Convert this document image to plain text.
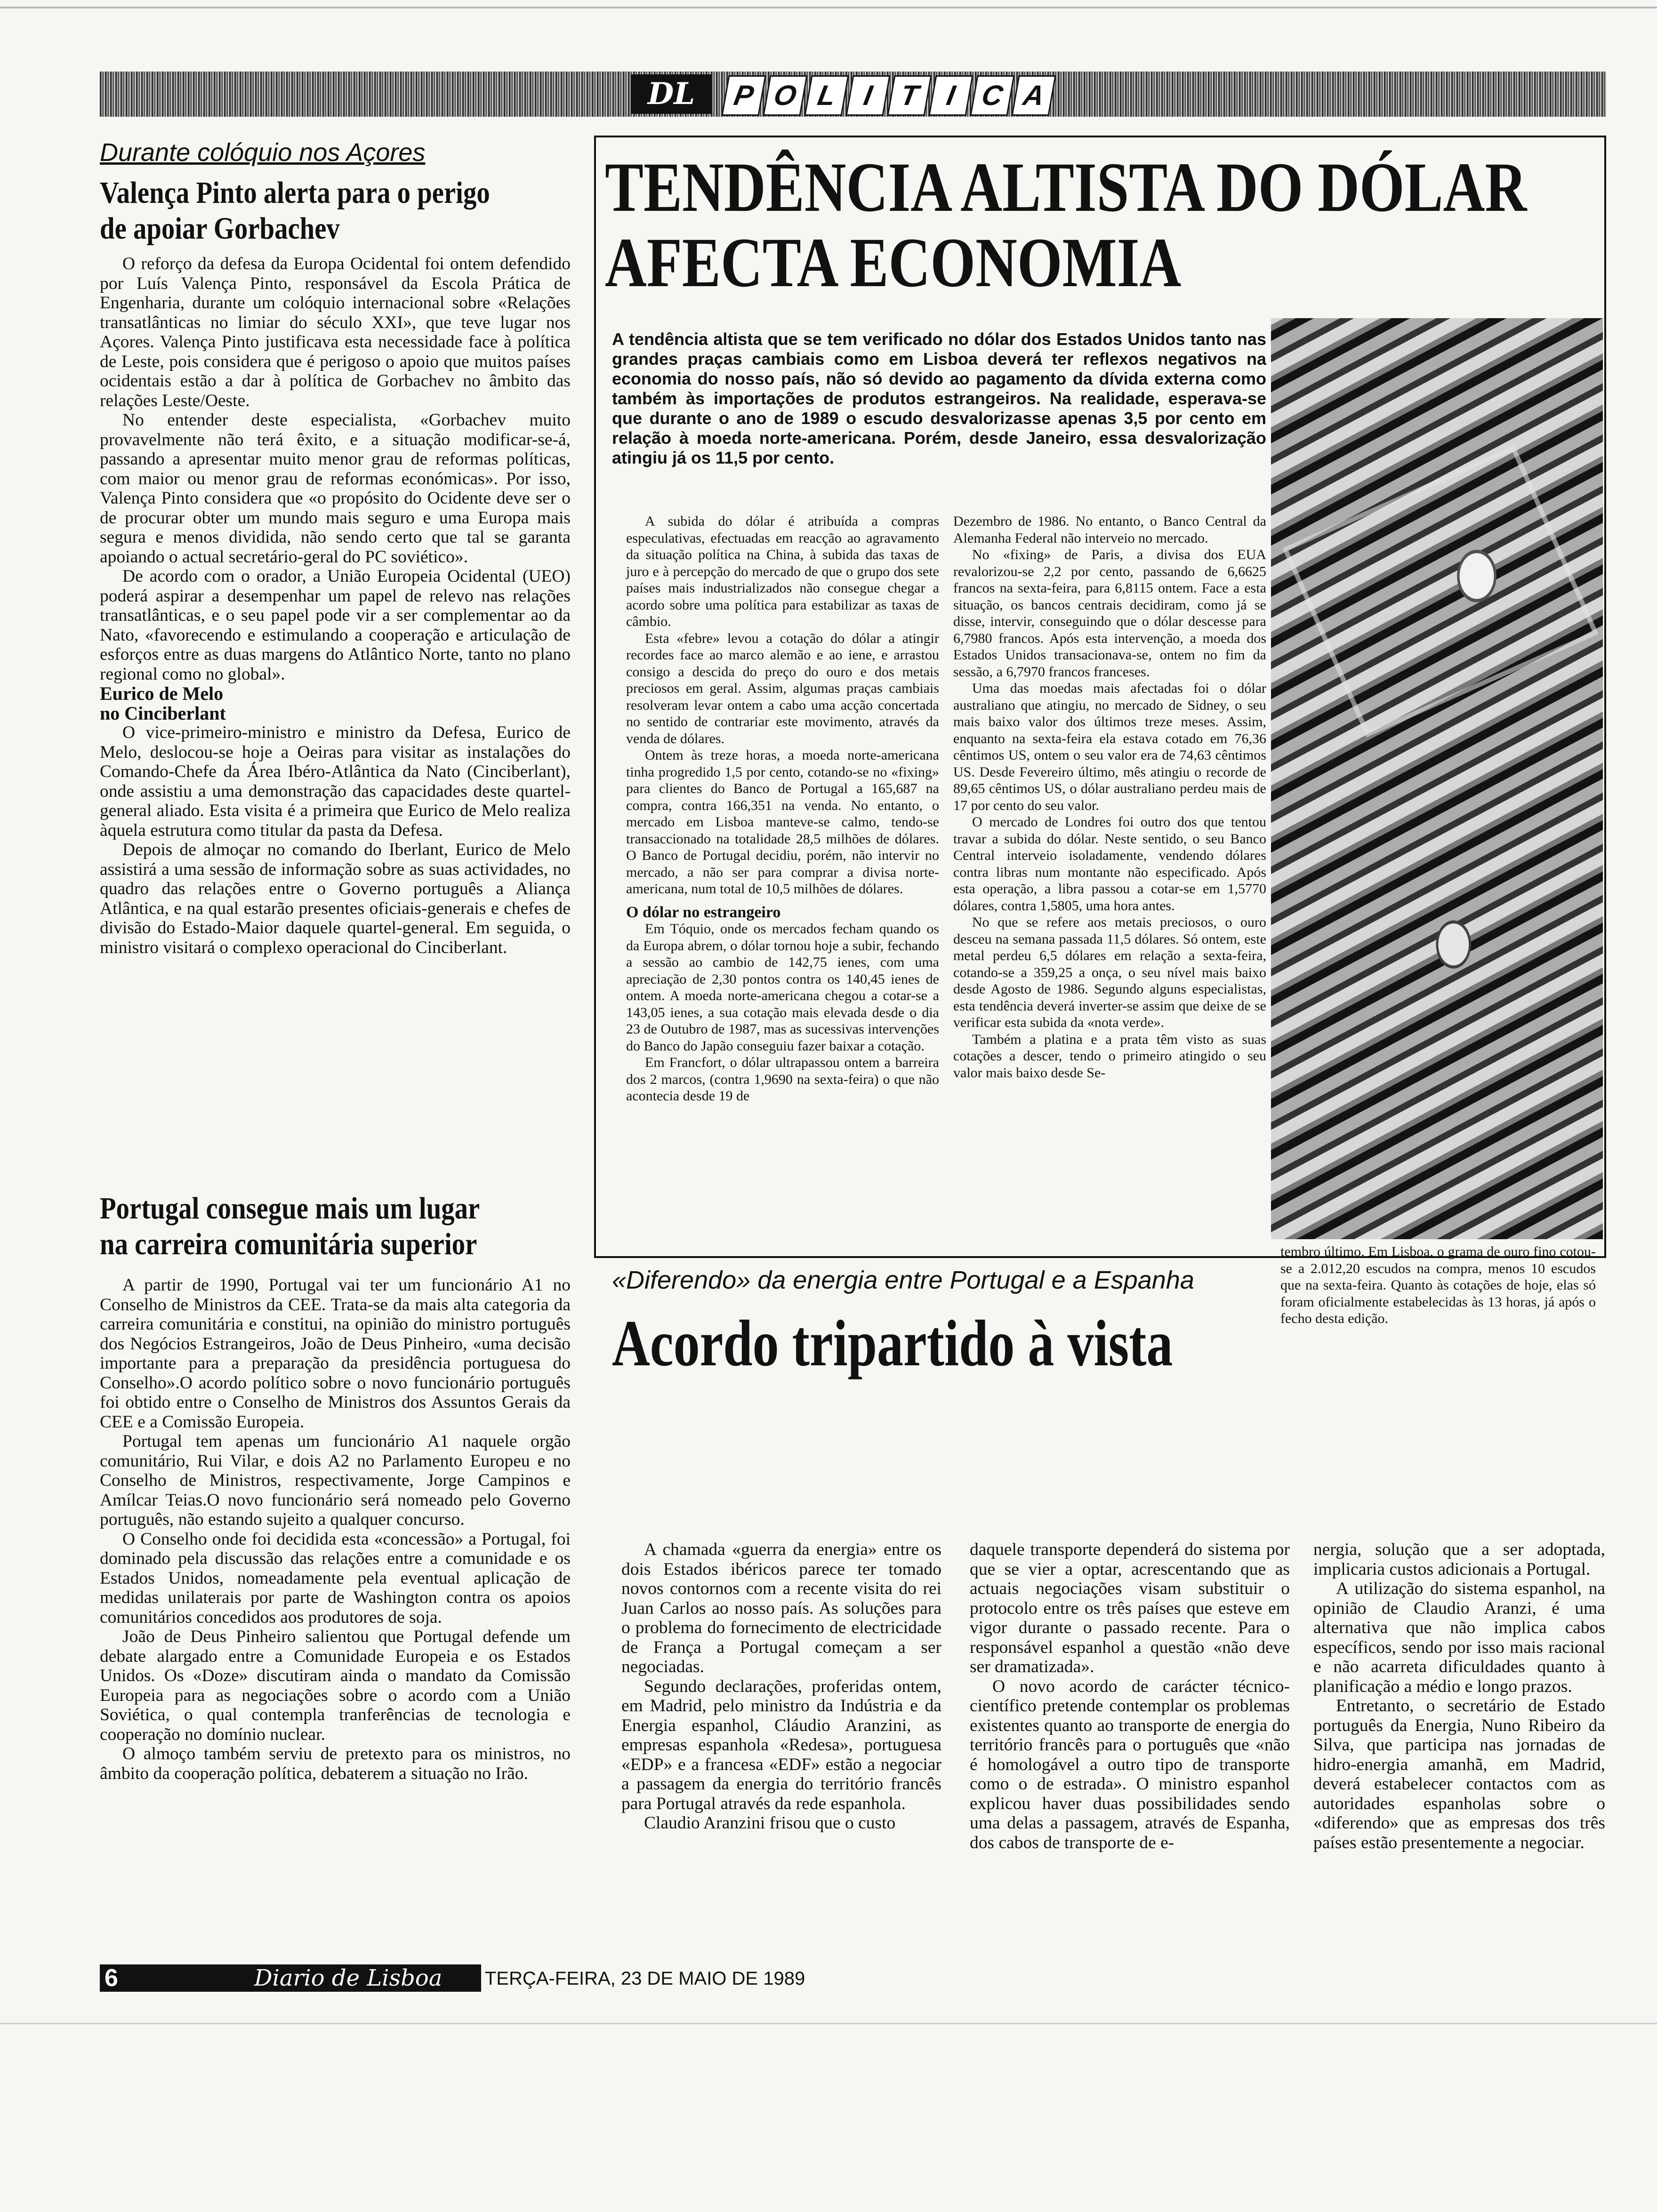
DL	P O L I T I C A
Durante colóquio nos Açores
Valença Pinto alerta para o perigo
de apoiar Gorbachev

O reforço da defesa da Europa Ocidental foi ontem defendido por Luís Valença Pinto, responsável da Escola Prática de Engenharia, durante um colóquio internacional sobre «Relações transatlânticas no limiar do século XXI», que teve lugar nos Açores. Valença Pinto justificava esta necessidade face à política de Leste, pois considera que é perigoso o apoio que muitos países ocidentais estão a dar à política de Gorbachev no âmbito das relações Leste/Oeste.

No entender deste especialista, «Gorbachev muito provavelmente não terá êxito, e a situação modificar-se-á, passando a apresentar muito menor grau de reformas políticas, com maior ou menor grau de reformas económicas». Por isso, Valença Pinto considera que «o propósito do Ocidente deve ser o de procurar obter um mundo mais seguro e uma Europa mais segura e menos dividida, não sendo certo que tal se garanta apoiando o actual secretário-geral do PC soviético».

De acordo com o orador, a União Europeia Ocidental (UEO) poderá aspirar a desempenhar um papel de relevo nas relações transatlânticas, e o seu papel pode vir a ser complementar ao da Nato, «favorecendo e estimulando a cooperação e articulação de esforços entre as duas margens do Atlântico Norte, tanto no plano regional como no global».

Eurico de Melo

no Cinciberlant

O vice-primeiro-ministro e ministro da Defesa, Eurico de Melo, deslocou-se hoje a Oeiras para visitar as instalações do Comando-Chefe da Área Ibéro-Atlântica da Nato (Cinciberlant), onde assistiu a uma demonstração das capacidades deste quartel-general aliado. Esta visita é a primeira que Eurico de Melo realiza àquela estrutura como titular da pasta da Defesa.

Depois de almoçar no comando do Iberlant, Eurico de Melo assistirá a uma sessão de informação sobre as suas actividades, no quadro das relações entre o Governo português a Aliança Atlântica, e na qual estarão presentes oficiais-generais e chefes de divisão do Estado-Maior daquele quartel-general. Em seguida, o ministro visitará o complexo operacional do Cinciberlant.

Portugal consegue mais um lugar
na carreira comunitária superior

A partir de 1990, Portugal vai ter um funcionário A1 no Conselho de Ministros da CEE. Trata-se da mais alta categoria da carreira comunitária e constitui, na opinião do ministro português dos Negócios Estrangeiros, João de Deus Pinheiro, «uma decisão importante para a preparação da presidência portuguesa do Conselho».O acordo político sobre o novo funcionário português foi obtido entre o Conselho de Ministros dos Assuntos Gerais da CEE e a Comissão Europeia.

Portugal tem apenas um funcionário A1 naquele orgão comunitário, Rui Vilar, e dois A2 no Parlamento Europeu e no Conselho de Ministros, respectivamente, Jorge Campinos e Amílcar Teias.O novo funcionário será nomeado pelo Governo português, não estando sujeito a qualquer concurso.

O Conselho onde foi decidida esta «concessão» a Portugal, foi dominado pela discussão das relações entre a comunidade e os Estados Unidos, nomeadamente pela eventual aplicação de medidas unilaterais por parte de Washington contra os apoios comunitários concedidos aos produtores de soja.

João de Deus Pinheiro salientou que Portugal defende um debate alargado entre a Comunidade Europeia e os Estados Unidos. Os «Doze» discutiram ainda o mandato da Comissão Europeia para as negociações sobre o acordo com a União Soviética, o qual contempla tranferências de tecnologia e cooperação no domínio nuclear.

O almoço também serviu de pretexto para os ministros, no âmbito da cooperação política, debaterem a situação no Irão.

TENDÊNCIA ALTISTA DO DÓLAR
AFECTA ECONOMIA
A tendência altista que se tem verificado no dólar dos Estados Unidos tanto nas grandes praças cambiais como em Lisboa deverá ter reflexos negativos na economia do nosso país, não só devido ao pagamento da dívida externa como também às importações de produtos estrangeiros. Na realidade, esperava-se que durante o ano de 1989 o escudo desvalorizasse apenas 3,5 por cento em relação à moeda norte-americana. Porém, desde Janeiro, essa desvalorização atingiu já os 11,5 por cento.

A subida do dólar é atribuída a compras especulativas, efectuadas em reacção ao agravamento da situação política na China, à subida das taxas de juro e à percepção do mercado de que o grupo dos sete países mais industrializados não consegue chegar a acordo sobre uma política para estabilizar as taxas de câmbio.

Esta «febre» levou a cotação do dólar a atingir recordes face ao marco alemão e ao iene, e arrastou consigo a descida do preço do ouro e dos metais preciosos em geral. Assim, algumas praças cambiais resolveram levar ontem a cabo uma acção concertada no sentido de contrariar este movimento, através da venda de dólares.

Ontem às treze horas, a moeda norte-americana tinha progredido 1,5 por cento, cotando-se no «fixing» para clientes do Banco de Portugal a 165,687 na compra, contra 166,351 na venda. No entanto, o mercado em Lisboa manteve-se calmo, tendo-se transaccionado na totalidade 28,5 milhões de dólares. O Banco de Portugal decidiu, porém, não intervir no mercado, a não ser para comprar a divisa norte-americana, num total de 10,5 milhões de dólares.

O dólar no estrangeiro

Em Tóquio, onde os mercados fecham quando os da Europa abrem, o dólar tornou hoje a subir, fechando a sessão ao cambio de 142,75 ienes, com uma apreciação de 2,30 pontos contra os 140,45 ienes de ontem. A moeda norte-americana chegou a cotar-se a 143,05 ienes, a sua cotação mais elevada desde o dia 23 de Outubro de 1987, mas as sucessivas intervenções do Banco do Japão conseguiu fazer baixar a cotação.

Em Francfort, o dólar ultrapassou ontem a barreira dos 2 marcos, (contra 1,9690 na sexta-feira) o que não acontecia desde 19 de

Dezembro de 1986. No entanto, o Banco Central da Alemanha Federal não interveio no mercado.

No «fixing» de Paris, a divisa dos EUA revalorizou-se 2,2 por cento, passando de 6,6625 francos na sexta-feira, para 6,8115 ontem. Face a esta situação, os bancos centrais decidiram, como já se disse, intervir, conseguindo que o dólar descesse para 6,7980 francos. Após esta intervenção, a moeda dos Estados Unidos transacionava-se, ontem no fim da sessão, a 6,7970 francos franceses.

Uma das moedas mais afectadas foi o dólar australiano que atingiu, no mercado de Sidney, o seu mais baixo valor dos últimos treze meses. Assim, enquanto na sexta-feira ela estava cotado em 76,36 cêntimos US, ontem o seu valor era de 74,63 cêntimos US. Desde Fevereiro último, mês atingiu o recorde de 89,65 cêntimos US, o dólar australiano perdeu mais de 17 por cento do seu valor.

O mercado de Londres foi outro dos que tentou travar a subida do dólar. Neste sentido, o seu Banco Central interveio isoladamente, vendendo dólares contra libras num montante não especificado. Após esta operação, a libra passou a cotar-se em 1,5770 dólares, contra 1,5805, uma hora antes.

No que se refere aos metais preciosos, o ouro desceu na semana passada 11,5 dólares. Só ontem, este metal perdeu 6,5 dólares em relação a sexta-feira, cotando-se a 359,25 a onça, o seu nível mais baixo desde Agosto de 1986. Segundo alguns especialistas, esta tendência deverá inverter-se assim que deixe de se verificar esta subida da «nota verde».

Também a platina e a prata têm visto as suas cotações a descer, tendo o primeiro atingido o seu valor mais baixo desde Se-

tembro último. Em Lisboa, o grama de ouro fino cotou-se a 2.012,20 escudos na compra, menos 10 escudos que na sexta-feira. Quanto às cotações de hoje, elas só foram oficialmente estabelecidas às 13 horas, já após o fecho desta edição.

«Diferendo» da energia entre Portugal e a Espanha
Acordo tripartido à vista

A chamada «guerra da energia» entre os dois Estados ibéricos parece ter tomado novos contornos com a recente visita do rei Juan Carlos ao nosso país. As soluções para o problema do fornecimento de electricidade de França a Portugal começam a ser negociadas.

Segundo declarações, proferidas ontem, em Madrid, pelo ministro da Indústria e da Energia espanhol, Cláudio Aranzini, as empresas espanhola «Redesa», portuguesa «EDP» e a francesa «EDF» estão a negociar a passagem da energia do território francês para Portugal através da rede espanhola.

Claudio Aranzini frisou que o custo

daquele transporte dependerá do sistema por que se vier a optar, acrescentando que as actuais negociações visam substituir o protocolo entre os três países que esteve em vigor durante o passado recente. Para o responsável espanhol a questão «não deve ser dramatizada».

O novo acordo de carácter técnico-científico pretende contemplar os problemas existentes quanto ao transporte de energia do território francês para o português que «não é homologável a outro tipo de transporte como o de estrada». O ministro espanhol explicou haver duas possibilidades sendo uma delas a passagem, através de Espanha, dos cabos de transporte de e-

nergia, solução que a ser adoptada, implicaria custos adicionais a Portugal.

A utilização do sistema espanhol, na opinião de Claudio Aranzi, é uma alternativa que não implica cabos específicos, sendo por isso mais racional e não acarreta dificuldades quanto à planificação a médio e longo prazos.

Entretanto, o secretário de Estado português da Energia, Nuno Ribeiro da Silva, que participa nas jornadas de hidro-energia amanhã, em Madrid, deverá estabelecer contactos com as autoridades espanholas sobre o «diferendo» que as empresas dos três países estão presentemente a negociar.

6	Diario de Lisboa TERÇA-FEIRA, 23 DE MAIO DE 1989
